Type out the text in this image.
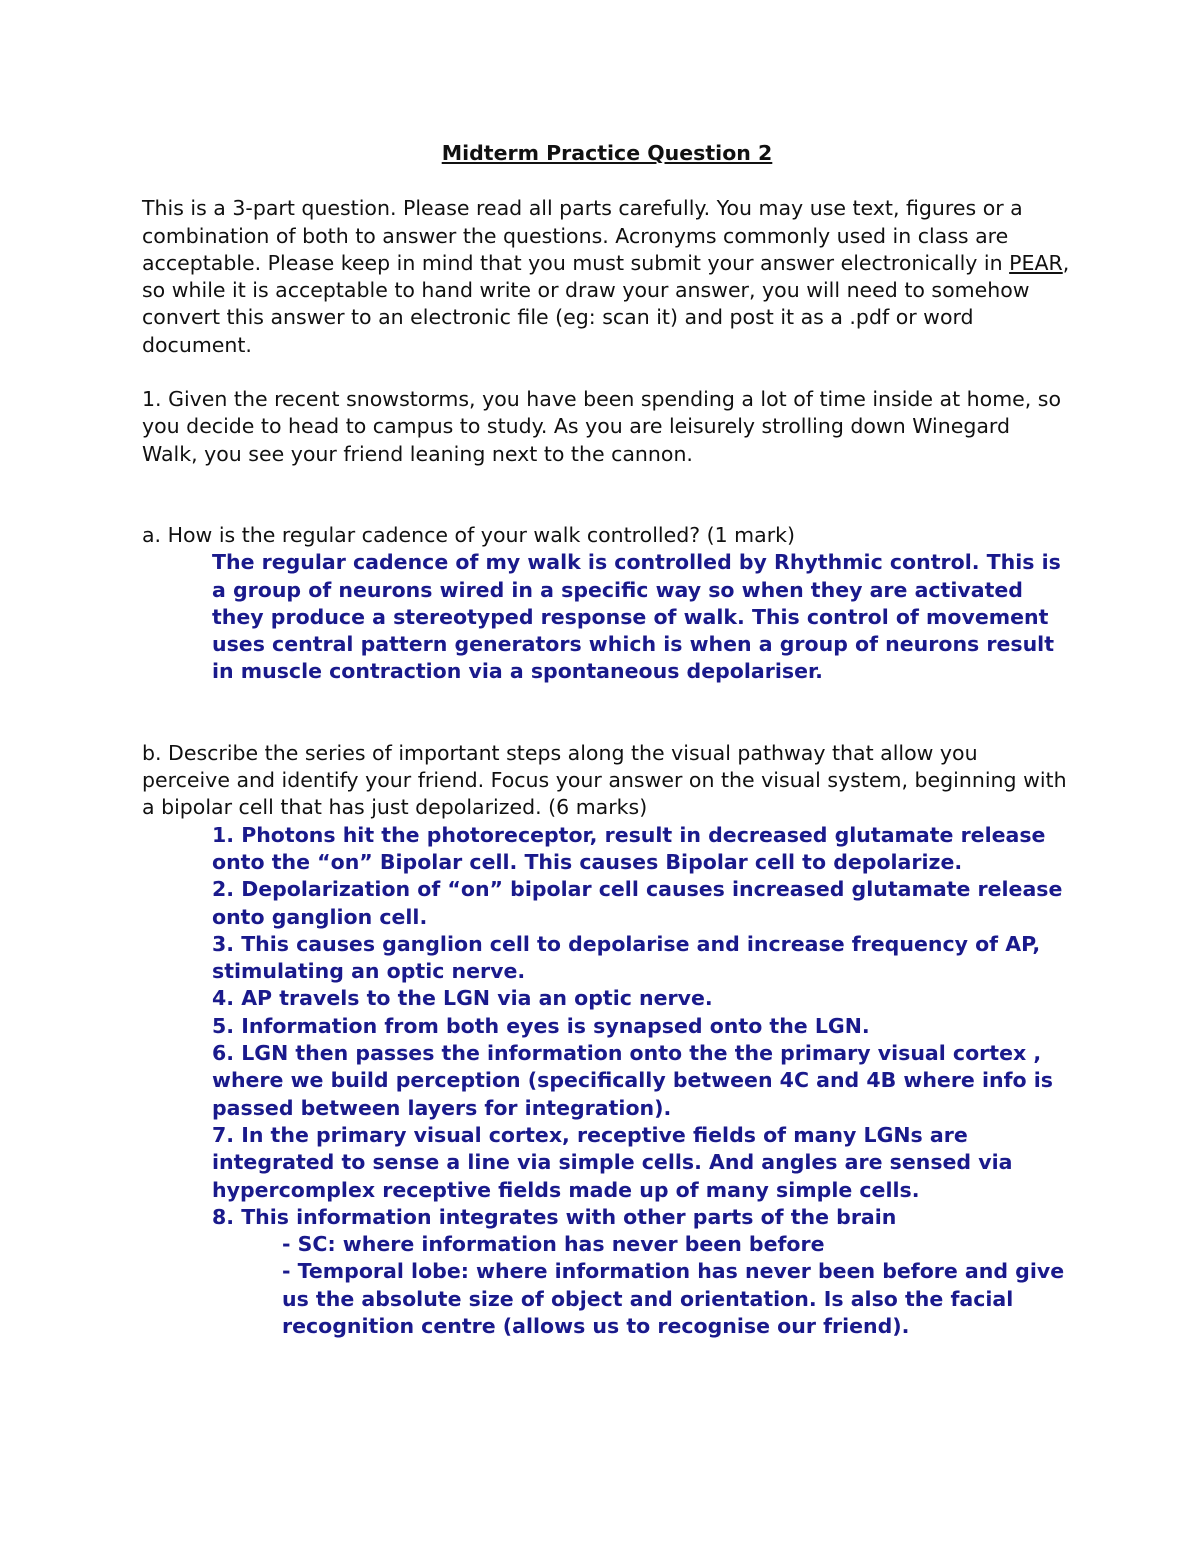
Midterm Practice Question 2

This is a 3-part question. Please read all parts carefully. You may use text, figures or a combination of both to answer the questions. Acronyms commonly used in class are acceptable. Please keep in mind that you must submit your answer electronically in PEAR, so while it is acceptable to hand write or draw your answer, you will need to somehow convert this answer to an electronic file (eg: scan it) and post it as a .pdf or word document.

1. Given the recent snowstorms, you have been spending a lot of time inside at home, so you decide to head to campus to study. As you are leisurely strolling down Winegard Walk, you see your friend leaning next to the cannon.

a. How is the regular cadence of your walk controlled? (1 mark)

The regular cadence of my walk is controlled by Rhythmic control. This is a group of neurons wired in a specific way so when they are activated they produce a stereotyped response of walk. This control of movement uses central pattern generators which is when a group of neurons result in muscle contraction via a spontaneous depolariser.

b. Describe the series of important steps along the visual pathway that allow you perceive and identify your friend. Focus your answer on the visual system, beginning with a bipolar cell that has just depolarized. (6 marks)

1. Photons hit the photoreceptor, result in decreased glutamate release onto the “on” Bipolar cell. This causes Bipolar cell to depolarize.

2. Depolarization of “on” bipolar cell causes increased glutamate release onto ganglion cell.

3. This causes ganglion cell to depolarise and increase frequency of AP, stimulating an optic nerve.

4. AP travels to the LGN via an optic nerve.

5. Information from both eyes is synapsed onto the LGN.

6. LGN then passes the information onto the the primary visual cortex , where we build perception (specifically between 4C and 4B where info is passed between layers for integration).

7. In the primary visual cortex, receptive fields of many LGNs are integrated to sense a line via simple cells. And angles are sensed via hypercomplex receptive fields made up of many simple cells.

8. This information integrates with other parts of the brain

- SC: where information has never been before

- Temporal lobe: where information has never been before and give us the absolute size of object and orientation. Is also the facial recognition centre (allows us to recognise our friend).
